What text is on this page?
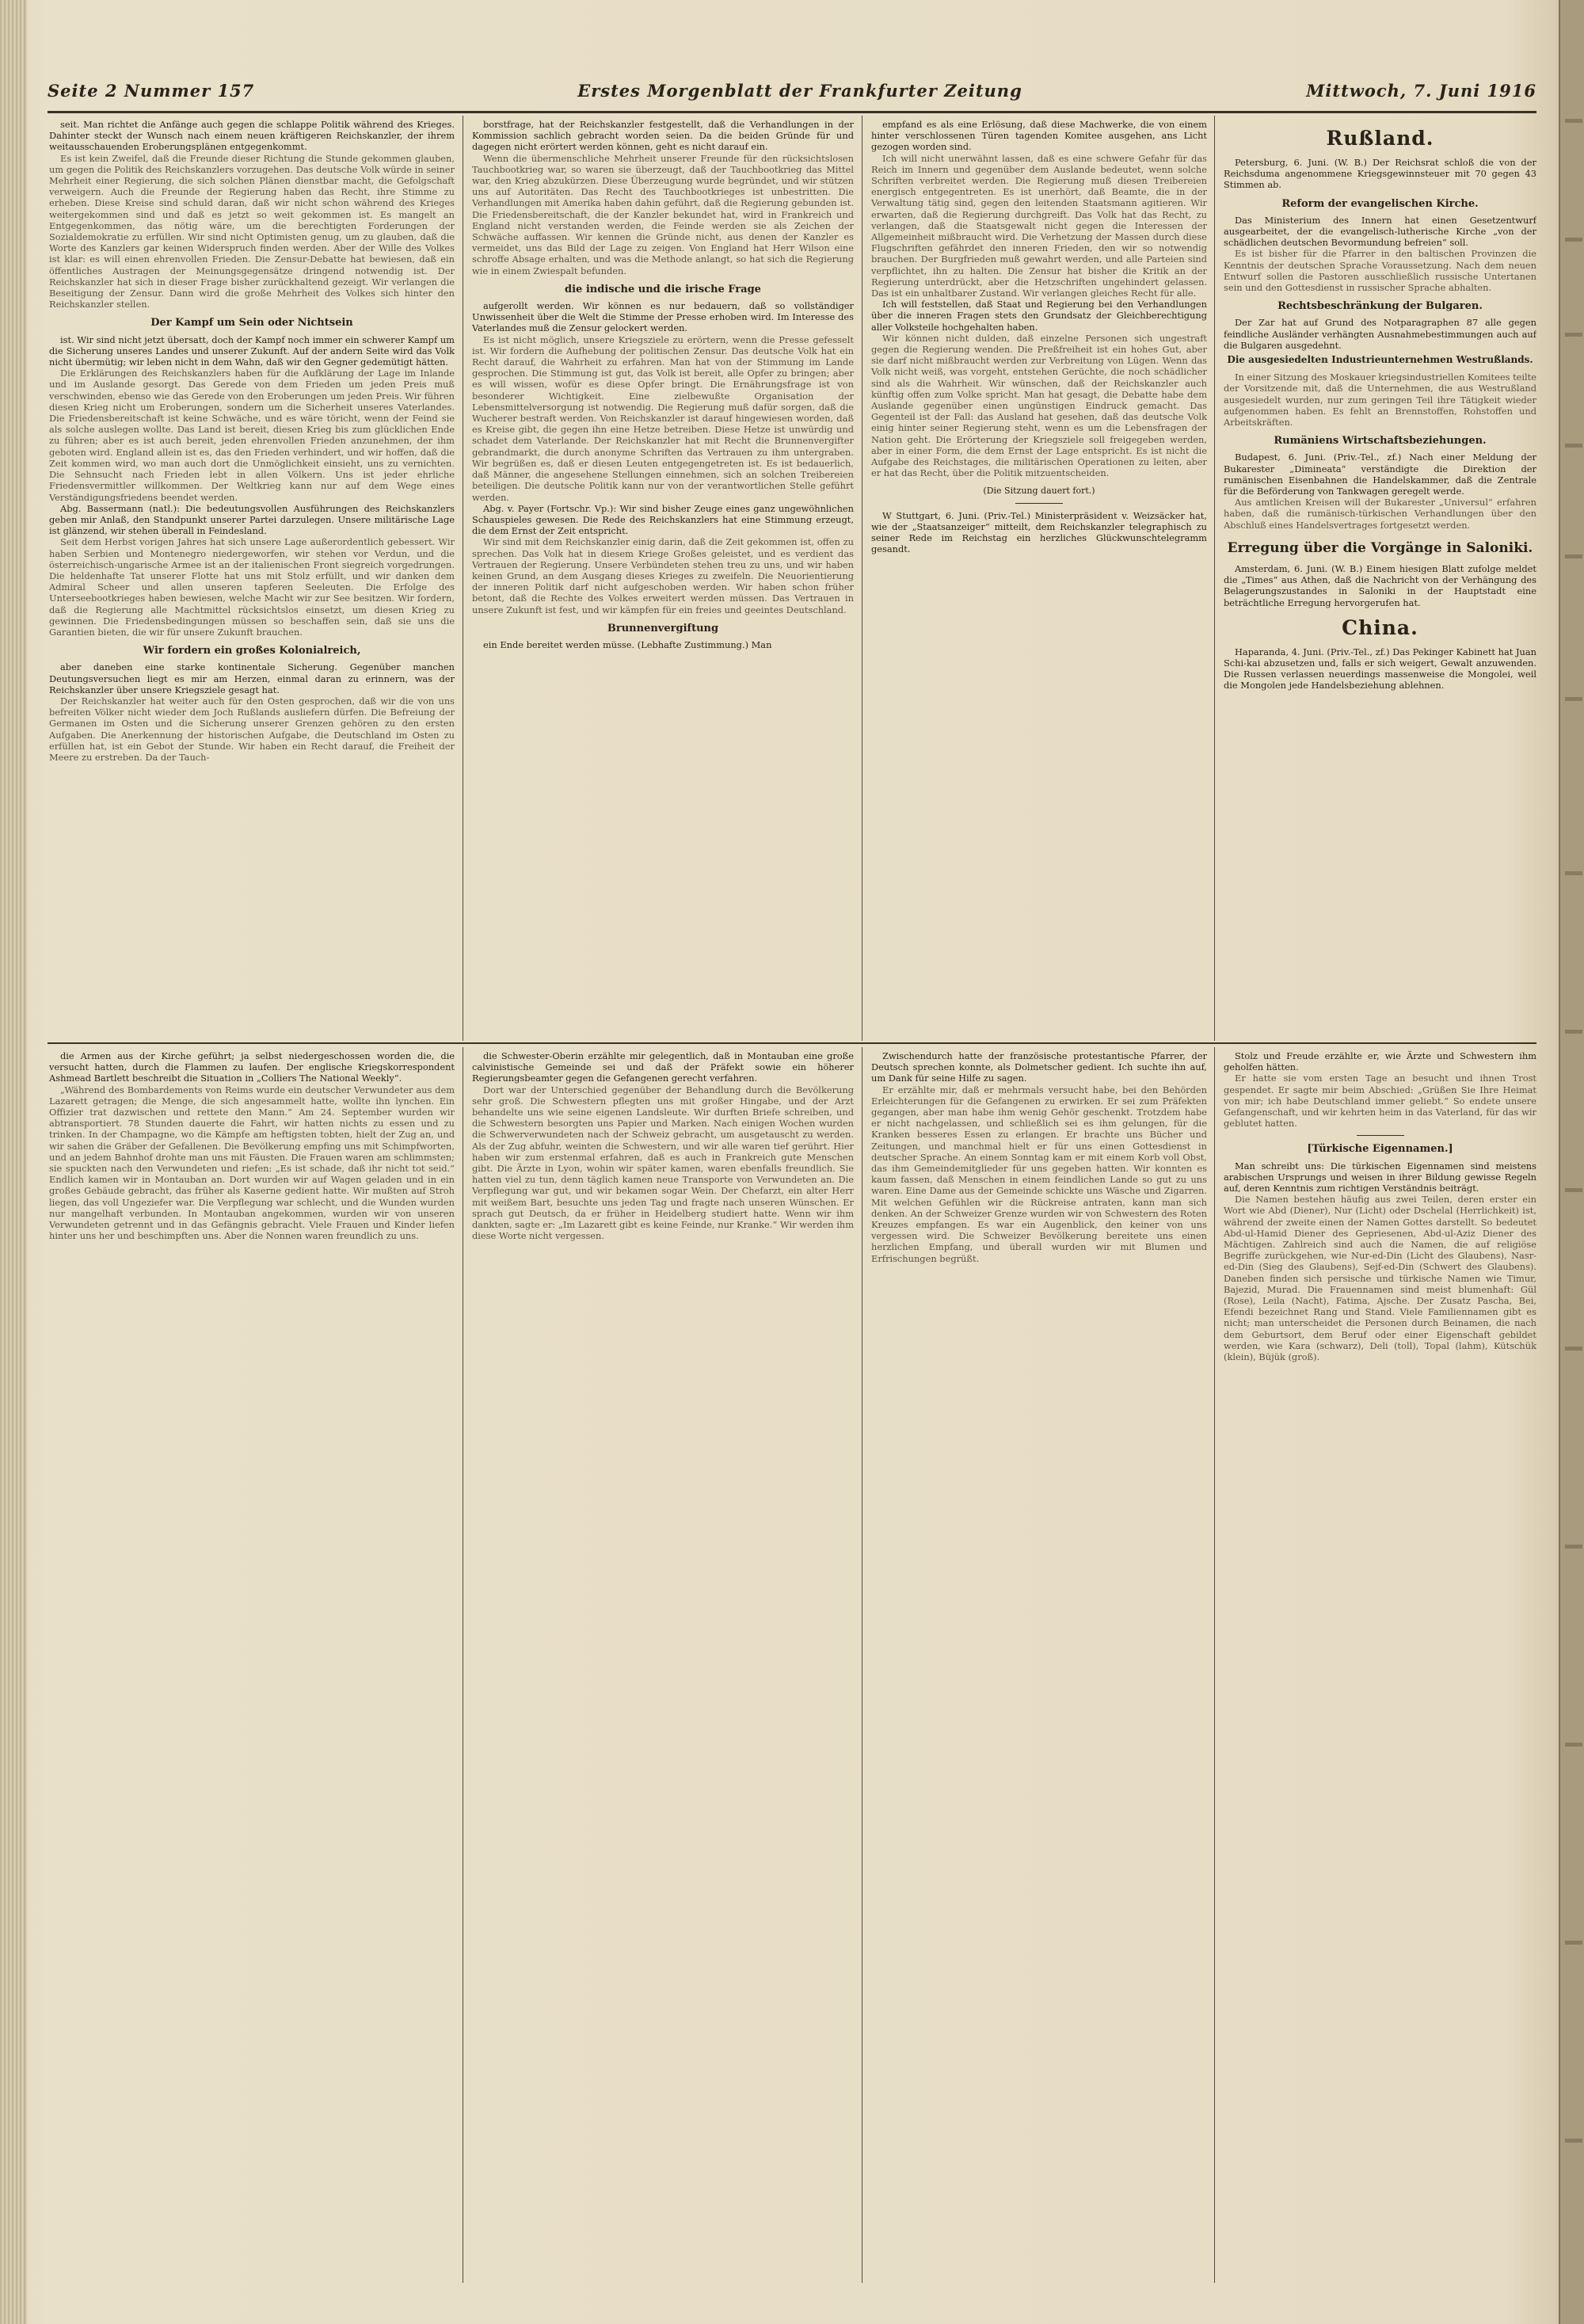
Seite 2 Nummer 157	Erstes Morgenblatt der Frankfurter Zeitung	Mittwoch, 7. Juni 1916

seit. Man richtet die Anfänge auch gegen die schlappe Politik während des Krieges. Dahinter steckt der Wunsch nach einem neuen kräftigeren Reichskanzler, der ihrem weitausschauenden Eroberungsplänen entgegenkommt.

Es ist kein Zweifel, daß die Freunde dieser Richtung die Stunde gekommen glauben, um gegen die Politik des Reichskanzlers vorzugehen. Das deutsche Volk würde in seiner Mehrheit einer Regierung, die sich solchen Plänen dienstbar macht, die Gefolgschaft verweigern. Auch die Freunde der Regierung haben das Recht, ihre Stimme zu erheben. Diese Kreise sind schuld daran, daß wir nicht schon während des Krieges weitergekommen sind und daß es jetzt so weit gekommen ist. Es mangelt an Entgegenkommen, das nötig wäre, um die berechtigten Forderungen der Sozialdemokratie zu erfüllen. Wir sind nicht Optimisten genug, um zu glauben, daß die Worte des Kanzlers gar keinen Widerspruch finden werden. Aber der Wille des Volkes ist klar: es will einen ehrenvollen Frieden. Die Zensur-Debatte hat bewiesen, daß ein öffentliches Austragen der Meinungsgegensätze dringend notwendig ist. Der Reichskanzler hat sich in dieser Frage bisher zurückhaltend gezeigt. Wir verlangen die Beseitigung der Zensur. Dann wird die große Mehrheit des Volkes sich hinter den Reichskanzler stellen.

Der Kampf um Sein oder Nichtsein

ist. Wir sind nicht jetzt übersatt, doch der Kampf noch immer ein schwerer Kampf um die Sicherung unseres Landes und unserer Zukunft. Auf der andern Seite wird das Volk nicht übermütig; wir leben nicht in dem Wahn, daß wir den Gegner gedemütigt hätten.

Die Erklärungen des Reichskanzlers haben für die Aufklärung der Lage im Inlande und im Auslande gesorgt. Das Gerede von dem Frieden um jeden Preis muß verschwinden, ebenso wie das Gerede von den Eroberungen um jeden Preis. Wir führen diesen Krieg nicht um Eroberungen, sondern um die Sicherheit unseres Vaterlandes. Die Friedensbereitschaft ist keine Schwäche, und es wäre töricht, wenn der Feind sie als solche auslegen wollte. Das Land ist bereit, diesen Krieg bis zum glücklichen Ende zu führen; aber es ist auch bereit, jeden ehrenvollen Frieden anzunehmen, der ihm geboten wird. England allein ist es, das den Frieden verhindert, und wir hoffen, daß die Zeit kommen wird, wo man auch dort die Unmöglichkeit einsieht, uns zu vernichten. Die Sehnsucht nach Frieden lebt in allen Völkern. Uns ist jeder ehrliche Friedensvermittler willkommen. Der Weltkrieg kann nur auf dem Wege eines Verständigungsfriedens beendet werden.

Abg. Bassermann (natl.): Die bedeutungsvollen Ausführungen des Reichskanzlers geben mir Anlaß, den Standpunkt unserer Partei darzulegen. Unsere militärische Lage ist glänzend, wir stehen überall in Feindesland.

Seit dem Herbst vorigen Jahres hat sich unsere Lage außerordentlich gebessert. Wir haben Serbien und Montenegro niedergeworfen, wir stehen vor Verdun, und die österreichisch-ungarische Armee ist an der italienischen Front siegreich vorgedrungen. Die heldenhafte Tat unserer Flotte hat uns mit Stolz erfüllt, und wir danken dem Admiral Scheer und allen unseren tapferen Seeleuten. Die Erfolge des Unterseebootkrieges haben bewiesen, welche Macht wir zur See besitzen. Wir fordern, daß die Regierung alle Machtmittel rücksichtslos einsetzt, um diesen Krieg zu gewinnen. Die Friedensbedingungen müssen so beschaffen sein, daß sie uns die Garantien bieten, die wir für unsere Zukunft brauchen.

Wir fordern ein großes Kolonialreich,

aber daneben eine starke kontinentale Sicherung. Gegenüber manchen Deutungsversuchen liegt es mir am Herzen, einmal daran zu erinnern, was der Reichskanzler über unsere Kriegsziele gesagt hat.

Der Reichskanzler hat weiter auch für den Osten gesprochen, daß wir die von uns befreiten Völker nicht wieder dem Joch Rußlands ausliefern dürfen. Die Befreiung der Germanen im Osten und die Sicherung unserer Grenzen gehören zu den ersten Aufgaben. Die Anerkennung der historischen Aufgabe, die Deutschland im Osten zu erfüllen hat, ist ein Gebot der Stunde. Wir haben ein Recht darauf, die Freiheit der Meere zu erstreben. Da der Tauch-

borstfrage, hat der Reichskanzler festgestellt, daß die Verhandlungen in der Kommission sachlich gebracht worden seien. Da die beiden Gründe für und dagegen nicht erörtert werden können, geht es nicht darauf ein.

Wenn die übermenschliche Mehrheit unserer Freunde für den rücksichtslosen Tauchbootkrieg war, so waren sie überzeugt, daß der Tauchbootkrieg das Mittel war, den Krieg abzukürzen. Diese Überzeugung wurde begründet, und wir stützen uns auf Autoritäten. Das Recht des Tauchbootkrieges ist unbestritten. Die Verhandlungen mit Amerika haben dahin geführt, daß die Regierung gebunden ist. Die Friedensbereitschaft, die der Kanzler bekundet hat, wird in Frankreich und England nicht verstanden werden, die Feinde werden sie als Zeichen der Schwäche auffassen. Wir kennen die Gründe nicht, aus denen der Kanzler es vermeidet, uns das Bild der Lage zu zeigen. Von England hat Herr Wilson eine schroffe Absage erhalten, und was die Methode anlangt, so hat sich die Regierung wie in einem Zwiespalt befunden.

die indische und die irische Frage

aufgerollt werden. Wir können es nur bedauern, daß so vollständiger Unwissenheit über die Welt die Stimme der Presse erhoben wird. Im Interesse des Vaterlandes muß die Zensur gelockert werden.

Es ist nicht möglich, unsere Kriegsziele zu erörtern, wenn die Presse gefesselt ist. Wir fordern die Aufhebung der politischen Zensur. Das deutsche Volk hat ein Recht darauf, die Wahrheit zu erfahren. Man hat von der Stimmung im Lande gesprochen. Die Stimmung ist gut, das Volk ist bereit, alle Opfer zu bringen; aber es will wissen, wofür es diese Opfer bringt. Die Ernährungsfrage ist von besonderer Wichtigkeit. Eine zielbewußte Organisation der Lebensmittelversorgung ist notwendig. Die Regierung muß dafür sorgen, daß die Wucherer bestraft werden. Von Reichskanzler ist darauf hingewiesen worden, daß es Kreise gibt, die gegen ihn eine Hetze betreiben. Diese Hetze ist unwürdig und schadet dem Vaterlande. Der Reichskanzler hat mit Recht die Brunnenvergifter gebrandmarkt, die durch anonyme Schriften das Vertrauen zu ihm untergraben. Wir begrüßen es, daß er diesen Leuten entgegengetreten ist. Es ist bedauerlich, daß Männer, die angesehene Stellungen einnehmen, sich an solchen Treibereien beteiligen. Die deutsche Politik kann nur von der verantwortlichen Stelle geführt werden.

Abg. v. Payer (Fortschr. Vp.): Wir sind bisher Zeuge eines ganz ungewöhnlichen Schauspieles gewesen. Die Rede des Reichskanzlers hat eine Stimmung erzeugt, die dem Ernst der Zeit entspricht.

Wir sind mit dem Reichskanzler einig darin, daß die Zeit gekommen ist, offen zu sprechen. Das Volk hat in diesem Kriege Großes geleistet, und es verdient das Vertrauen der Regierung. Unsere Verbündeten stehen treu zu uns, und wir haben keinen Grund, an dem Ausgang dieses Krieges zu zweifeln. Die Neuorientierung der inneren Politik darf nicht aufgeschoben werden. Wir haben schon früher betont, daß die Rechte des Volkes erweitert werden müssen. Das Vertrauen in unsere Zukunft ist fest, und wir kämpfen für ein freies und geeintes Deutschland.

Brunnenvergiftung

ein Ende bereitet werden müsse. (Lebhafte Zustimmung.) Man

empfand es als eine Erlösung, daß diese Machwerke, die von einem hinter verschlossenen Türen tagenden Komitee ausgehen, ans Licht gezogen worden sind.

Ich will nicht unerwähnt lassen, daß es eine schwere Gefahr für das Reich im Innern und gegenüber dem Auslande bedeutet, wenn solche Schriften verbreitet werden. Die Regierung muß diesen Treibereien energisch entgegentreten. Es ist unerhört, daß Beamte, die in der Verwaltung tätig sind, gegen den leitenden Staatsmann agitieren. Wir erwarten, daß die Regierung durchgreift. Das Volk hat das Recht, zu verlangen, daß die Staatsgewalt nicht gegen die Interessen der Allgemeinheit mißbraucht wird. Die Verhetzung der Massen durch diese Flugschriften gefährdet den inneren Frieden, den wir so notwendig brauchen. Der Burgfrieden muß gewahrt werden, und alle Parteien sind verpflichtet, ihn zu halten. Die Zensur hat bisher die Kritik an der Regierung unterdrückt, aber die Hetzschriften ungehindert gelassen. Das ist ein unhaltbarer Zustand. Wir verlangen gleiches Recht für alle.

Ich will feststellen, daß Staat und Regierung bei den Verhandlungen über die inneren Fragen stets den Grundsatz der Gleichberechtigung aller Volksteile hochgehalten haben.

Wir können nicht dulden, daß einzelne Personen sich ungestraft gegen die Regierung wenden. Die Preßfreiheit ist ein hohes Gut, aber sie darf nicht mißbraucht werden zur Verbreitung von Lügen. Wenn das Volk nicht weiß, was vorgeht, entstehen Gerüchte, die noch schädlicher sind als die Wahrheit. Wir wünschen, daß der Reichskanzler auch künftig offen zum Volke spricht. Man hat gesagt, die Debatte habe dem Auslande gegenüber einen ungünstigen Eindruck gemacht. Das Gegenteil ist der Fall: das Ausland hat gesehen, daß das deutsche Volk einig hinter seiner Regierung steht, wenn es um die Lebensfragen der Nation geht. Die Erörterung der Kriegsziele soll freigegeben werden, aber in einer Form, die dem Ernst der Lage entspricht. Es ist nicht die Aufgabe des Reichstages, die militärischen Operationen zu leiten, aber er hat das Recht, über die Politik mitzuentscheiden.

(Die Sitzung dauert fort.)

W Stuttgart, 6. Juni. (Priv.-Tel.) Ministerpräsident v. Weizsäcker hat, wie der „Staatsanzeiger“ mitteilt, dem Reichskanzler telegraphisch zu seiner Rede im Reichstag ein herzliches Glückwunschtelegramm gesandt.

Rußland.

Petersburg, 6. Juni. (W. B.) Der Reichsrat schloß die von der Reichsduma angenommene Kriegsgewinnsteuer mit 70 gegen 43 Stimmen ab.

Reform der evangelischen Kirche.

Das Ministerium des Innern hat einen Gesetzentwurf ausgearbeitet, der die evangelisch-lutherische Kirche „von der schädlichen deutschen Bevormundung befreien“ soll.

Es ist bisher für die Pfarrer in den baltischen Provinzen die Kenntnis der deutschen Sprache Voraussetzung. Nach dem neuen Entwurf sollen die Pastoren ausschließlich russische Untertanen sein und den Gottesdienst in russischer Sprache abhalten.

Rechtsbeschränkung der Bulgaren.

Der Zar hat auf Grund des Notparagraphen 87 alle gegen feindliche Ausländer verhängten Ausnahmebestimmungen auch auf die Bulgaren ausgedehnt.

Die ausgesiedelten Industrieunternehmen Westrußlands.

In einer Sitzung des Moskauer kriegsindustriellen Komitees teilte der Vorsitzende mit, daß die Unternehmen, die aus Westrußland ausgesiedelt wurden, nur zum geringen Teil ihre Tätigkeit wieder aufgenommen haben. Es fehlt an Brennstoffen, Rohstoffen und Arbeitskräften.

Rumäniens Wirtschaftsbeziehungen.

Budapest, 6. Juni. (Priv.-Tel., zf.) Nach einer Meldung der Bukarester „Dimineata“ verständigte die Direktion der rumänischen Eisenbahnen die Handelskammer, daß die Zentrale für die Beförderung von Tankwagen geregelt werde.

Aus amtlichen Kreisen will der Bukarester „Universul“ erfahren haben, daß die rumänisch-türkischen Verhandlungen über den Abschluß eines Handelsvertrages fortgesetzt werden.

Erregung über die Vorgänge in Saloniki.

Amsterdam, 6. Juni. (W. B.) Einem hiesigen Blatt zufolge meldet die „Times“ aus Athen, daß die Nachricht von der Verhängung des Belagerungszustandes in Saloniki in der Hauptstadt eine beträchtliche Erregung hervorgerufen hat.

China.

Haparanda, 4. Juni. (Priv.-Tel., zf.) Das Pekinger Kabinett hat Juan Schi-kai abzusetzen und, falls er sich weigert, Gewalt anzuwenden. Die Russen verlassen neuerdings massenweise die Mongolei, weil die Mongolen jede Handelsbeziehung ablehnen.

die Armen aus der Kirche geführt; ja selbst niedergeschossen worden die, die versucht hatten, durch die Flammen zu laufen. Der englische Kriegskorrespondent Ashmead Bartlett beschreibt die Situation in „Colliers The National Weekly“.

„Während des Bombardements von Reims wurde ein deutscher Verwundeter aus dem Lazarett getragen; die Menge, die sich angesammelt hatte, wollte ihn lynchen. Ein Offizier trat dazwischen und rettete den Mann.“ Am 24. September wurden wir abtransportiert. 78 Stunden dauerte die Fahrt, wir hatten nichts zu essen und zu trinken. In der Champagne, wo die Kämpfe am heftigsten tobten, hielt der Zug an, und wir sahen die Gräber der Gefallenen. Die Bevölkerung empfing uns mit Schimpfworten, und an jedem Bahnhof drohte man uns mit Fäusten. Die Frauen waren am schlimmsten; sie spuckten nach den Verwundeten und riefen: „Es ist schade, daß ihr nicht tot seid.“ Endlich kamen wir in Montauban an. Dort wurden wir auf Wagen geladen und in ein großes Gebäude gebracht, das früher als Kaserne gedient hatte. Wir mußten auf Stroh liegen, das voll Ungeziefer war. Die Verpflegung war schlecht, und die Wunden wurden nur mangelhaft verbunden. In Montauban angekommen, wurden wir von unseren Verwundeten getrennt und in das Gefängnis gebracht. Viele Frauen und Kinder liefen hinter uns her und beschimpften uns. Aber die Nonnen waren freundlich zu uns.

die Schwester-Oberin erzählte mir gelegentlich, daß in Montauban eine große calvinistische Gemeinde sei und daß der Präfekt sowie ein höherer Regierungsbeamter gegen die Gefangenen gerecht verfahren.

Dort war der Unterschied gegenüber der Behandlung durch die Bevölkerung sehr groß. Die Schwestern pflegten uns mit großer Hingabe, und der Arzt behandelte uns wie seine eigenen Landsleute. Wir durften Briefe schreiben, und die Schwestern besorgten uns Papier und Marken. Nach einigen Wochen wurden die Schwerverwundeten nach der Schweiz gebracht, um ausgetauscht zu werden. Als der Zug abfuhr, weinten die Schwestern, und wir alle waren tief gerührt. Hier haben wir zum erstenmal erfahren, daß es auch in Frankreich gute Menschen gibt. Die Ärzte in Lyon, wohin wir später kamen, waren ebenfalls freundlich. Sie hatten viel zu tun, denn täglich kamen neue Transporte von Verwundeten an. Die Verpflegung war gut, und wir bekamen sogar Wein. Der Chefarzt, ein alter Herr mit weißem Bart, besuchte uns jeden Tag und fragte nach unseren Wünschen. Er sprach gut Deutsch, da er früher in Heidelberg studiert hatte. Wenn wir ihm dankten, sagte er: „Im Lazarett gibt es keine Feinde, nur Kranke.“ Wir werden ihm diese Worte nicht vergessen.

Zwischendurch hatte der französische protestantische Pfarrer, der Deutsch sprechen konnte, als Dolmetscher gedient. Ich suchte ihn auf, um Dank für seine Hilfe zu sagen.

Er erzählte mir, daß er mehrmals versucht habe, bei den Behörden Erleichterungen für die Gefangenen zu erwirken. Er sei zum Präfekten gegangen, aber man habe ihm wenig Gehör geschenkt. Trotzdem habe er nicht nachgelassen, und schließlich sei es ihm gelungen, für die Kranken besseres Essen zu erlangen. Er brachte uns Bücher und Zeitungen, und manchmal hielt er für uns einen Gottesdienst in deutscher Sprache. An einem Sonntag kam er mit einem Korb voll Obst, das ihm Gemeindemitglieder für uns gegeben hatten. Wir konnten es kaum fassen, daß Menschen in einem feindlichen Lande so gut zu uns waren. Eine Dame aus der Gemeinde schickte uns Wäsche und Zigarren. Mit welchen Gefühlen wir die Rückreise antraten, kann man sich denken. An der Schweizer Grenze wurden wir von Schwestern des Roten Kreuzes empfangen. Es war ein Augenblick, den keiner von uns vergessen wird. Die Schweizer Bevölkerung bereitete uns einen herzlichen Empfang, und überall wurden wir mit Blumen und Erfrischungen begrüßt.

Stolz und Freude erzählte er, wie Ärzte und Schwestern ihm geholfen hätten.

Er hatte sie vom ersten Tage an besucht und ihnen Trost gespendet. Er sagte mir beim Abschied: „Grüßen Sie Ihre Heimat von mir; ich habe Deutschland immer geliebt.“ So endete unsere Gefangenschaft, und wir kehrten heim in das Vaterland, für das wir geblutet hatten.

[Türkische Eigennamen.]

Man schreibt uns: Die türkischen Eigennamen sind meistens arabischen Ursprungs und weisen in ihrer Bildung gewisse Regeln auf, deren Kenntnis zum richtigen Verständnis beiträgt.

Die Namen bestehen häufig aus zwei Teilen, deren erster ein Wort wie Abd (Diener), Nur (Licht) oder Dschelal (Herrlichkeit) ist, während der zweite einen der Namen Gottes darstellt. So bedeutet Abd-ul-Hamid Diener des Gepriesenen, Abd-ul-Aziz Diener des Mächtigen. Zahlreich sind auch die Namen, die auf religiöse Begriffe zurückgehen, wie Nur-ed-Din (Licht des Glaubens), Nasr-ed-Din (Sieg des Glaubens), Sejf-ed-Din (Schwert des Glaubens). Daneben finden sich persische und türkische Namen wie Timur, Bajezid, Murad. Die Frauennamen sind meist blumenhaft: Gül (Rose), Leila (Nacht), Fatima, Ajsche. Der Zusatz Pascha, Bei, Efendi bezeichnet Rang und Stand. Viele Familiennamen gibt es nicht; man unterscheidet die Personen durch Beinamen, die nach dem Geburtsort, dem Beruf oder einer Eigenschaft gebildet werden, wie Kara (schwarz), Deli (toll), Topal (lahm), Kütschük (klein), Büjük (groß).
